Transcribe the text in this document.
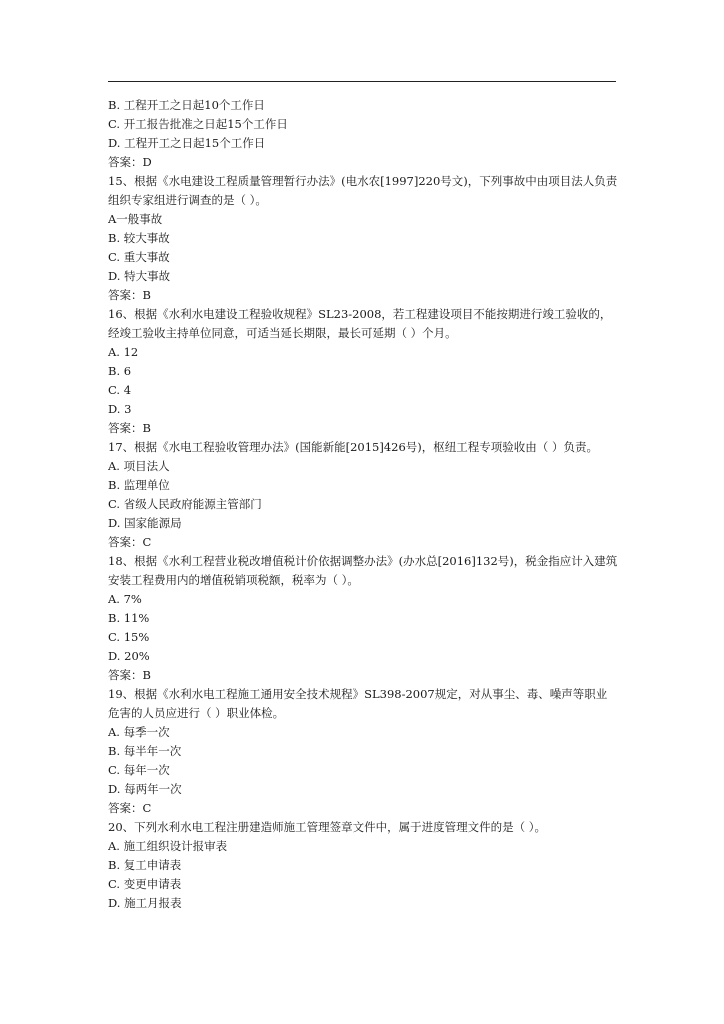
B. 工程开工之日起10个工作日
C. 开工报告批准之日起15个工作日
D. 工程开工之日起15个工作日
答案：D
15、根据《水电建设工程质量管理暂行办法》(电水农[1997]220号文)，下列事故中由项目法人负责组织专家组进行调查的是（ ）。
A一般事故
B. 较大事故
C. 重大事故
D. 特大事故
答案：B
16、根据《水利水电建设工程验收规程》SL23-2008，若工程建设项目不能按期进行竣工验收的，经竣工验收主持单位同意，可适当延长期限，最长可延期（ ）个月。
A. 12
B. 6
C. 4
D. 3
答案：B
17、根据《水电工程验收管理办法》(国能新能[2015]426号)，枢纽工程专项验收由（ ）负责。
A. 项目法人
B. 监理单位
C. 省级人民政府能源主管部门
D. 国家能源局
答案：C
18、根据《水利工程营业税改增值税计价依据调整办法》(办水总[2016]132号)，税金指应计入建筑安装工程费用内的增值税销项税额，税率为（ ）。
A. 7%
B. 11%
C. 15%
D. 20%
答案：B
19、根据《水利水电工程施工通用安全技术规程》SL398-2007规定，对从事尘、毒、噪声等职业危害的人员应进行（ ）职业体检。
A. 每季一次
B. 每半年一次
C. 每年一次
D. 每两年一次
答案：C
20、下列水利水电工程注册建造师施工管理签章文件中，属于进度管理文件的是（ ）。
A. 施工组织设计报审表
B. 复工申请表
C. 变更申请表
D. 施工月报表
